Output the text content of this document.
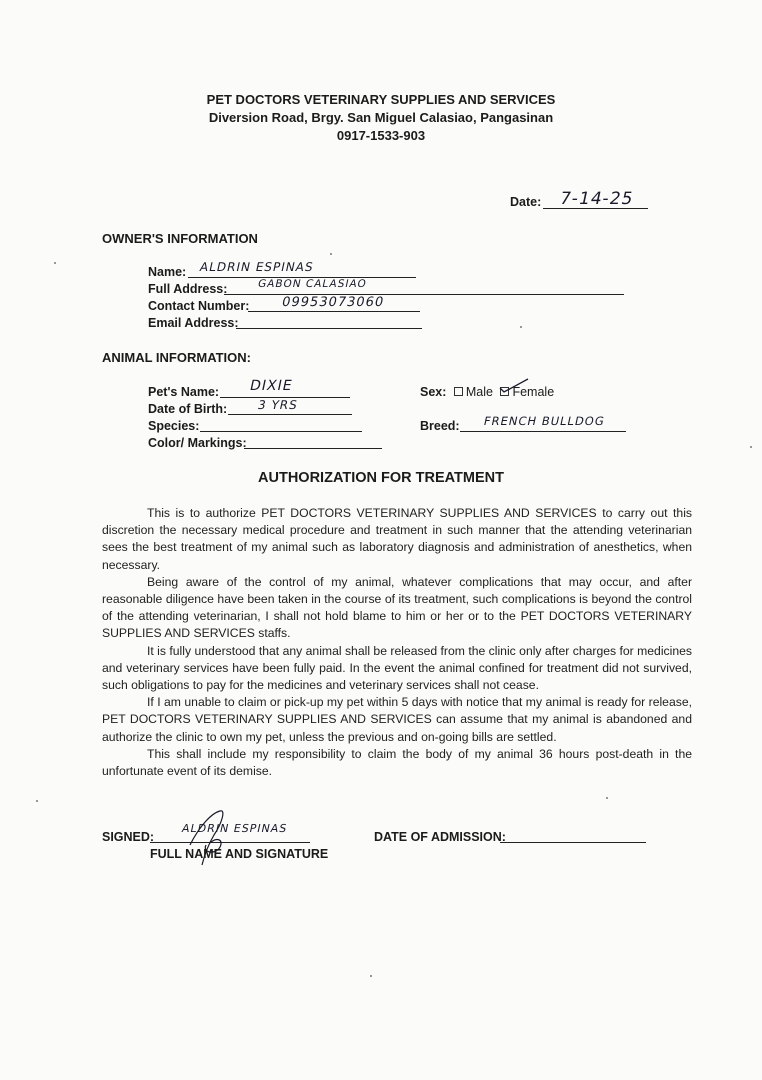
PET DOCTORS VETERINARY SUPPLIES AND SERVICES
Diversion Road, Brgy. San Miguel Calasiao, Pangasinan
0917-1533-903
Date: 7-14-25
OWNER'S INFORMATION
Name: ALDRIN ESPINAS
Full Address:	GABON CALASIAO
Contact Number: 09953073060
Email Address:
ANIMAL INFORMATION:
Pet's Name: DIXIE
Date of Birth: 3 YRS
Species:
Color/ Markings:
Sex: Male Female
Breed: FRENCH BULLDOG
AUTHORIZATION FOR TREATMENT

This is to authorize PET DOCTORS VETERINARY SUPPLIES AND SERVICES to carry out this discretion the necessary medical procedure and treatment in such manner that the attending veterinarian sees the best treatment of my animal such as laboratory diagnosis and administration of anesthetics, when necessary.

Being aware of the control of my animal, whatever complications that may occur, and after reasonable diligence have been taken in the course of its treatment, such complications is beyond the control of the attending veterinarian, I shall not hold blame to him or her or to the PET DOCTORS VETERINARY SUPPLIES AND SERVICES staffs.

It is fully understood that any animal shall be released from the clinic only after charges for medicines and veterinary services have been fully paid. In the event the animal confined for treatment did not survived, such obligations to pay for the medicines and veterinary services shall not cease.

If I am unable to claim or pick-up my pet within 5 days with notice that my animal is ready for release, PET DOCTORS VETERINARY SUPPLIES AND SERVICES can assume that my animal is abandoned and authorize the clinic to own my pet, unless the previous and on-going bills are settled.

This shall include my responsibility to claim the body of my animal 36 hours post-death in the unfortunate event of its demise.

SIGNED:
ALDRIN ESPINAS
FULL NAME AND SIGNATURE
DATE OF ADMISSION:
